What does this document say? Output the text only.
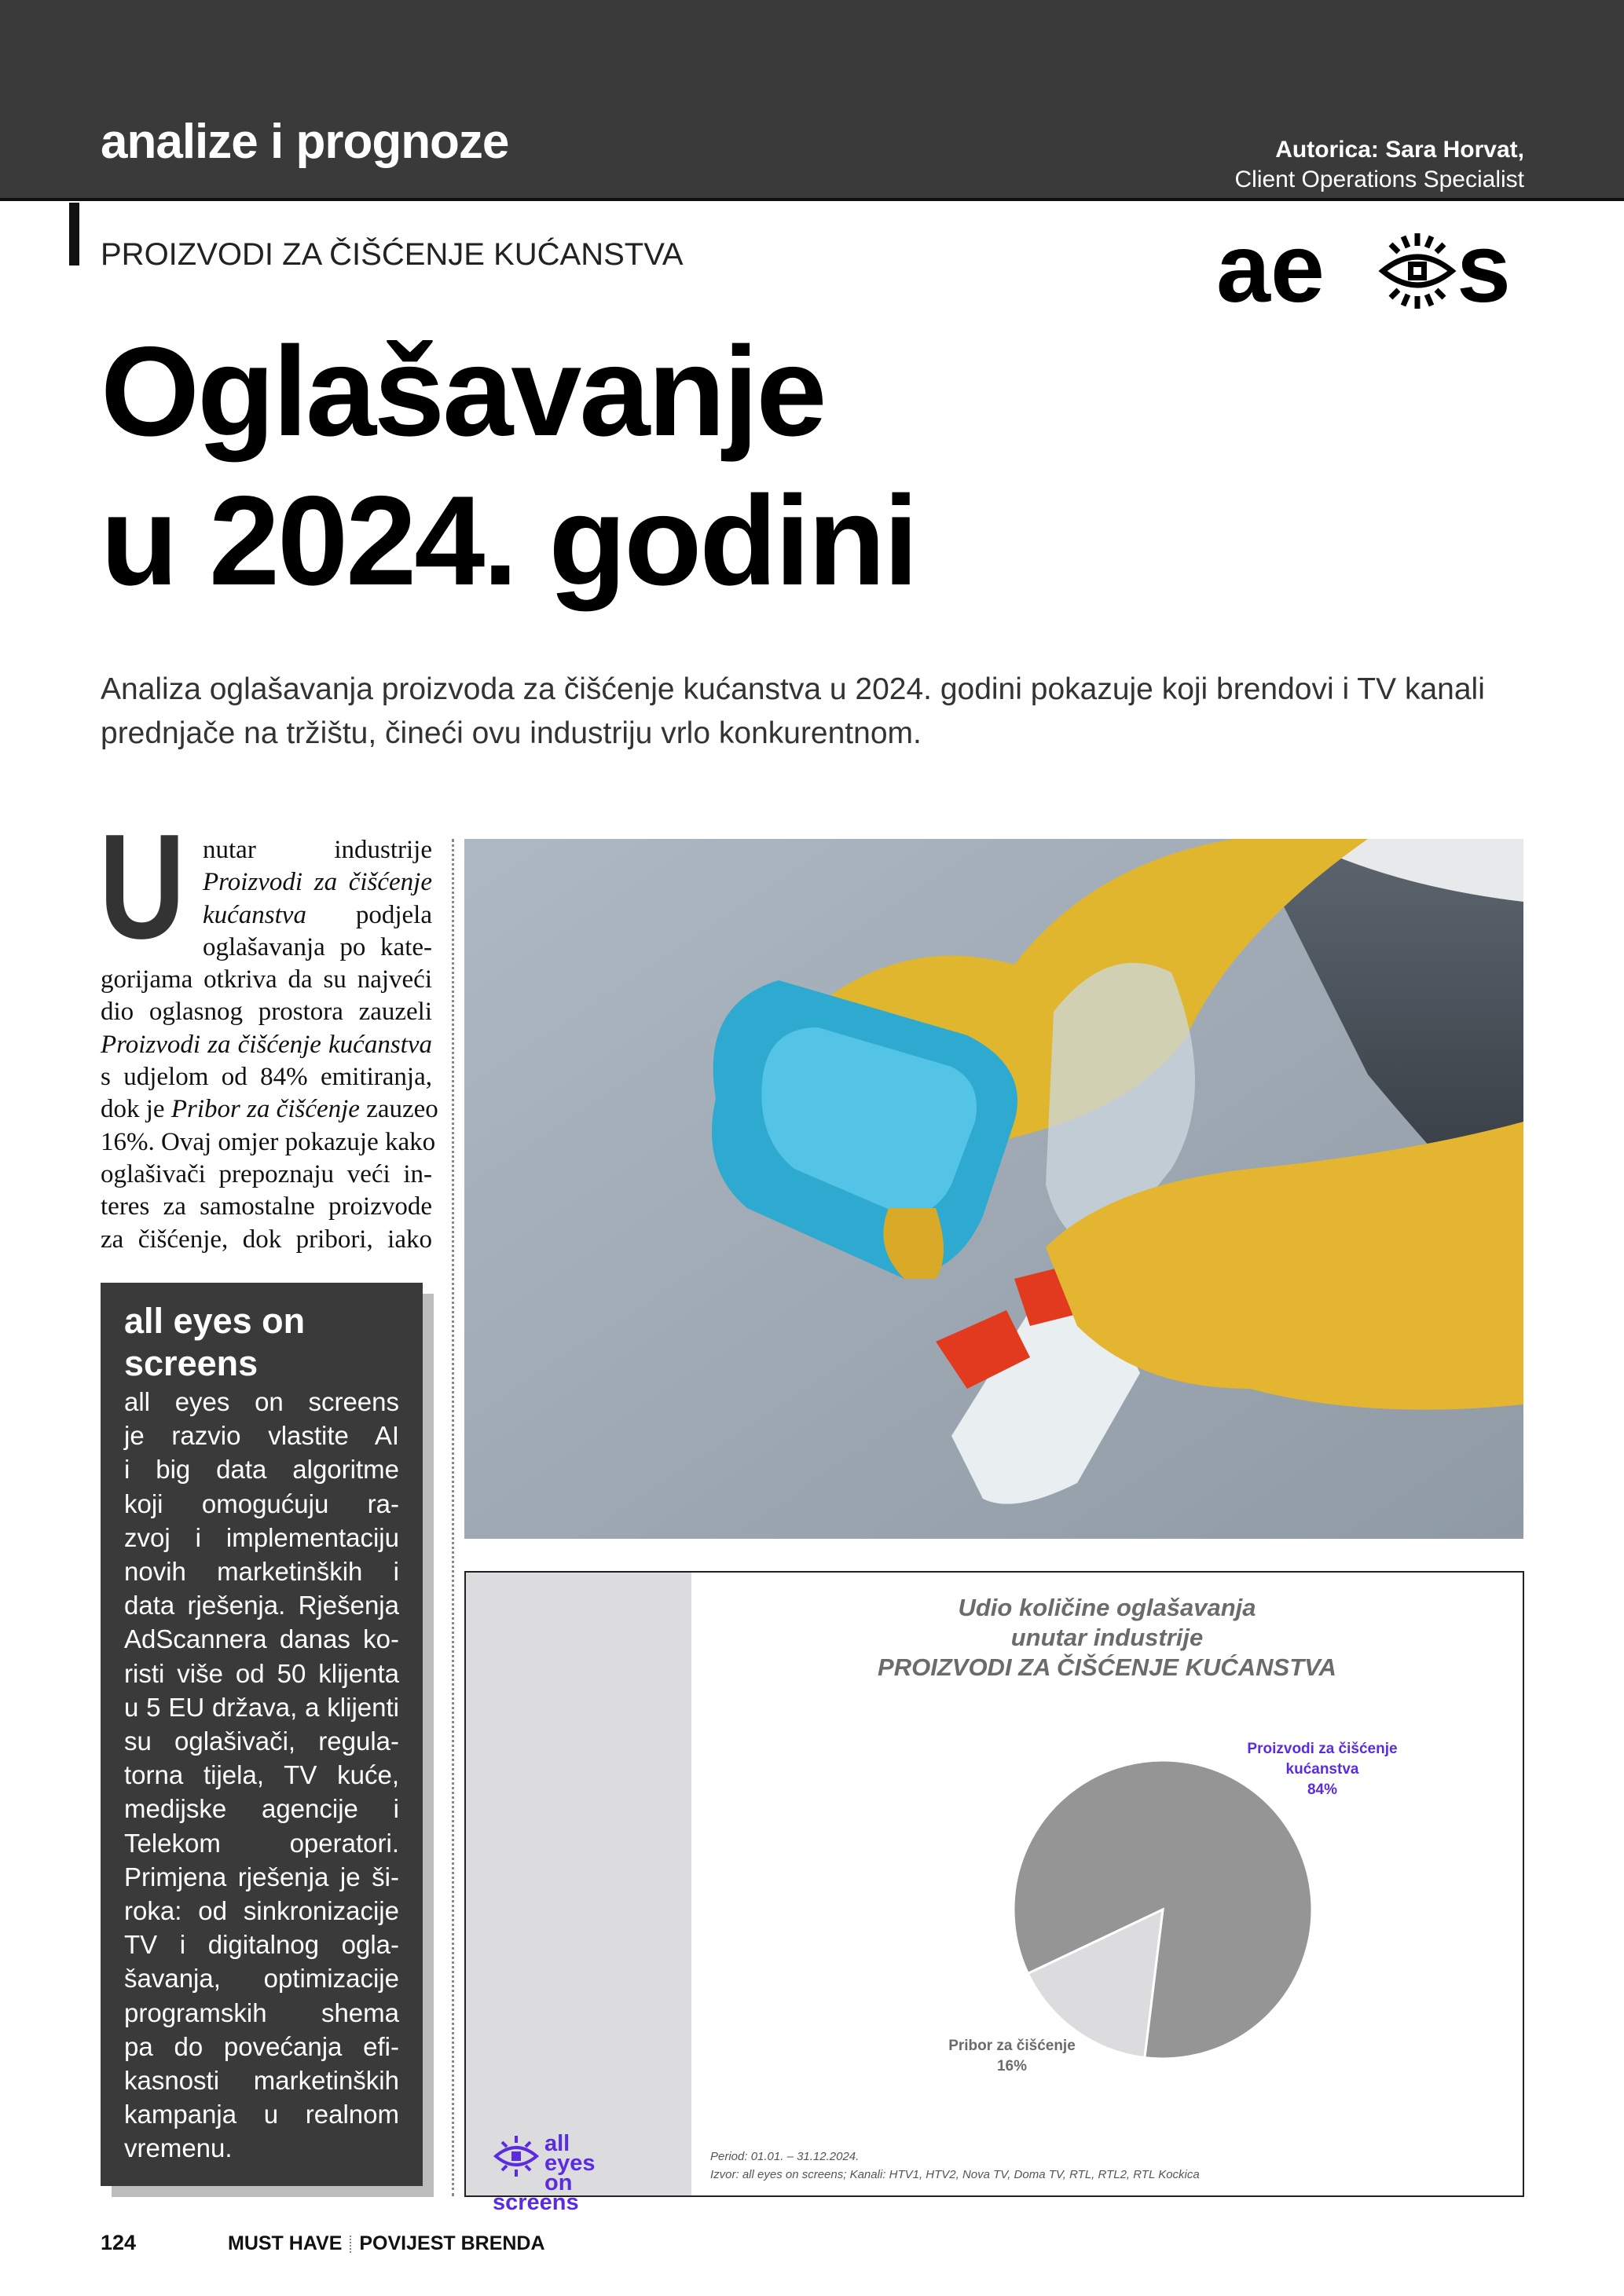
analize i prognoze	Autorica: Sara Horvat,
Client Operations Specialist
PROIZVODI ZA ČIŠĆENJE KUĆANSTVA	ae s
Oglašavanje
u 2024. godini
Analiza oglašavanja proizvoda za čišćenje kućanstva u 2024. godini pokazuje koji brendovi i TV kanali prednjače na tržištu, čineći ovu industriju vrlo konkurentnom.
U nutar industrije
Proizvodi za čišćenje
kućanstva podjela
oglašavanja po kate-
gorijama otkriva da su najveći
dio oglasnog prostora zauzeli
Proizvodi za čišćenje kućanstva
s udjelom od 84% emitiranja,
dok je Pribor za čišćenje zauzeo
16%. Ovaj omjer pokazuje kako
oglašivači prepoznaju veći in-
teres za samostalne proizvode
za čišćenje, dok pribori, iako
all eyes on
screens
all eyes on screens
je razvio vlastite AI
i big data algoritme
koji omogućuju ra-
zvoj i implementaciju
novih marketinških i
data rješenja. Rješenja
AdScannera danas ko-
risti više od 50 klijenta
u 5 EU država, a klijenti
su oglašivači, regula-
torna tijela, TV kuće,
medijske agencije i
Telekom operatori.
Primjena rješenja je ši-
roka: od sinkronizacije
TV i digitalnog ogla-
šavanja, optimizacije
programskih shema
pa do povećanja efi-
kasnosti marketinških
kampanja u realnom
vremenu.
Udio količine oglašavanja
unutar industrije
PROIZVODI ZA ČIŠĆENJE KUĆANSTVA
Proizvodi za čišćenje
kućanstva
84%
Pribor za čišćenje
16%
all eyes on
screens
Period: 01.01. – 31.12.2024.
Izvor: all eyes on screens; Kanali: HTV1, HTV2, Nova TV, Doma TV, RTL, RTL2, RTL Kockica
124	MUST HAVE POVIJEST BRENDA
